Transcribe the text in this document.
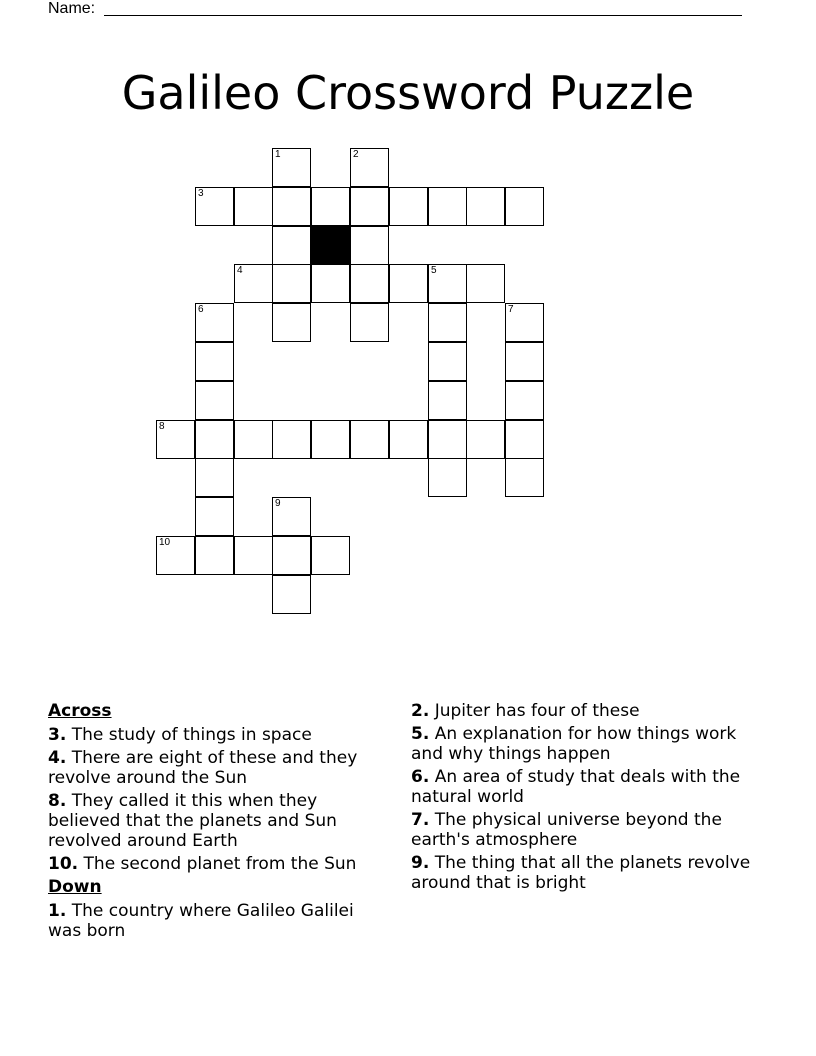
Name:
Galileo Crossword Puzzle
1	2
3
4	5
6	7
8
9
10
Across
3. The study of things in space
4. There are eight of these and they revolve around the Sun
8. They called it this when they believed that the planets and Sun revolved around Earth
10. The second planet from the Sun
Down
1. The country where Galileo Galilei was born
2. Jupiter has four of these
5. An explanation for how things work and why things happen
6. An area of study that deals with the natural world
7. The physical universe beyond the earth's atmosphere
9. The thing that all the planets revolve around that is bright
